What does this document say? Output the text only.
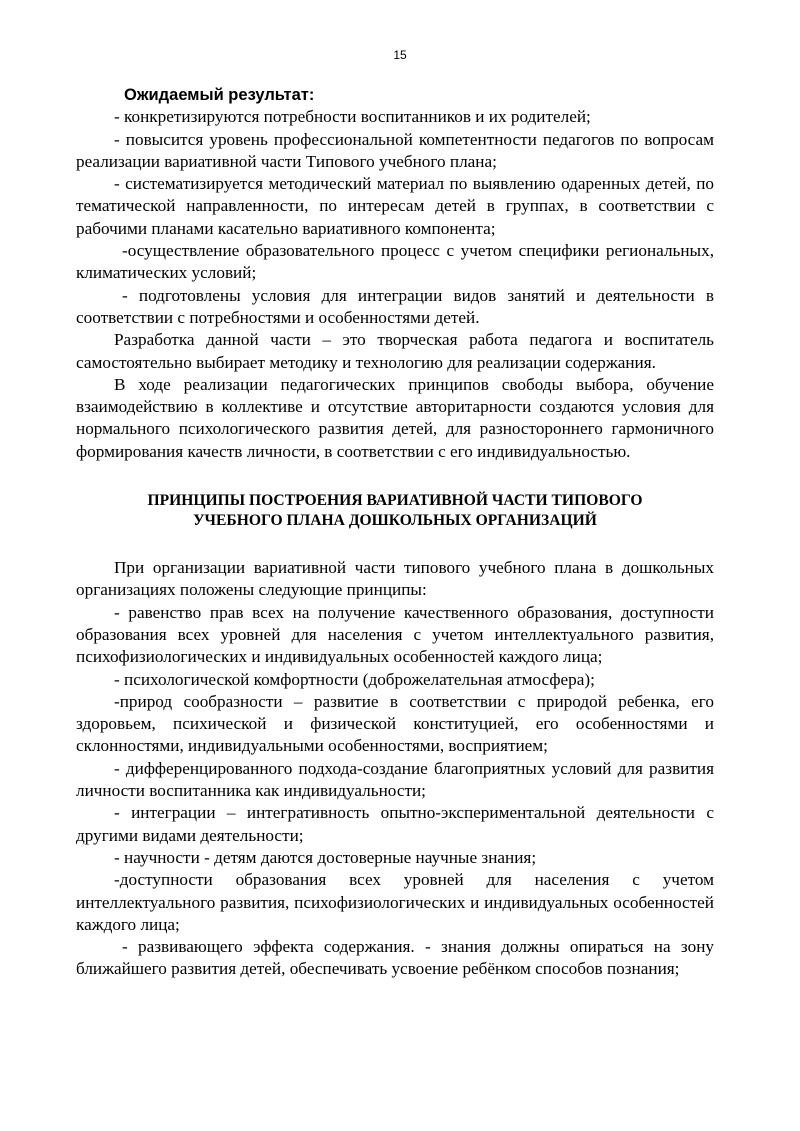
15

Ожидаемый результат:

- конкретизируются потребности воспитанников и их родителей;

- повысится уровень профессиональной компетентности педагогов по вопросам реализации вариативной части Типового учебного плана;

- систематизируется методический материал по выявлению одаренных детей, по тематической направленности, по интересам детей в группах, в соответствии с рабочими планами касательно вариативного компонента;

-осуществление образовательного процесс с учетом специфики региональных, климатических условий;

- подготовлены условия для интеграции видов занятий и деятельности в соответствии с потребностями и особенностями детей.

Разработка данной части – это творческая работа педагога и воспитатель самостоятельно выбирает методику и технологию для реализации содержания.

В ходе реализации педагогических принципов свободы выбора, обучение взаимодействию в коллективе и отсутствие авторитарности создаются условия для нормального психологического развития детей, для разностороннего гармоничного формирования качеств личности, в соответствии с его индивидуальностью.

ПРИНЦИПЫ ПОСТРОЕНИЯ ВАРИАТИВНОЙ ЧАСТИ ТИПОВОГО
УЧЕБНОГО ПЛАНА ДОШКОЛЬНЫХ ОРГАНИЗАЦИЙ

При организации вариативной части типового учебного плана в дошкольных организациях положены следующие принципы:

- равенство прав всех на получение качественного образования, доступности образования всех уровней для населения с учетом интеллектуального развития, психофизиологических и индивидуальных особенностей каждого лица;

- психологической комфортности (доброжелательная атмосфера);

-природ сообразности – развитие в соответствии с природой ребенка, его здоровьем, психической и физической конституцией, его особенностями и склонностями, индивидуальными особенностями, восприятием;

- дифференцированного подхода-создание благоприятных условий для развития личности воспитанника как индивидуальности;

- интеграции – интегративность опытно-экспериментальной деятельности с другими видами деятельности;

- научности - детям даются достоверные научные знания;

-доступности образования всех уровней для населения с учетом интеллектуального развития, психофизиологических и индивидуальных особенностей каждого лица;

- развивающего эффекта содержания. - знания должны опираться на зону ближайшего развития детей, обеспечивать усвоение ребёнком способов познания;
